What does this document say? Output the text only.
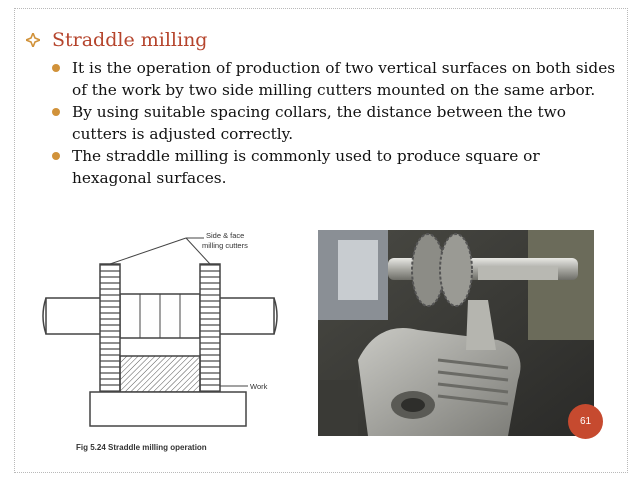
Straddle milling
It is the operation of production of two vertical surfaces on both sides of the work by two side milling cutters mounted on the same arbor.
By using suitable spacing collars, the distance between the two cutters is adjusted correctly.
The straddle milling is commonly used to produce square or hexagonal surfaces.
Side & face
milling cutters
Work
Fig 5.24 Straddle milling operation
61
